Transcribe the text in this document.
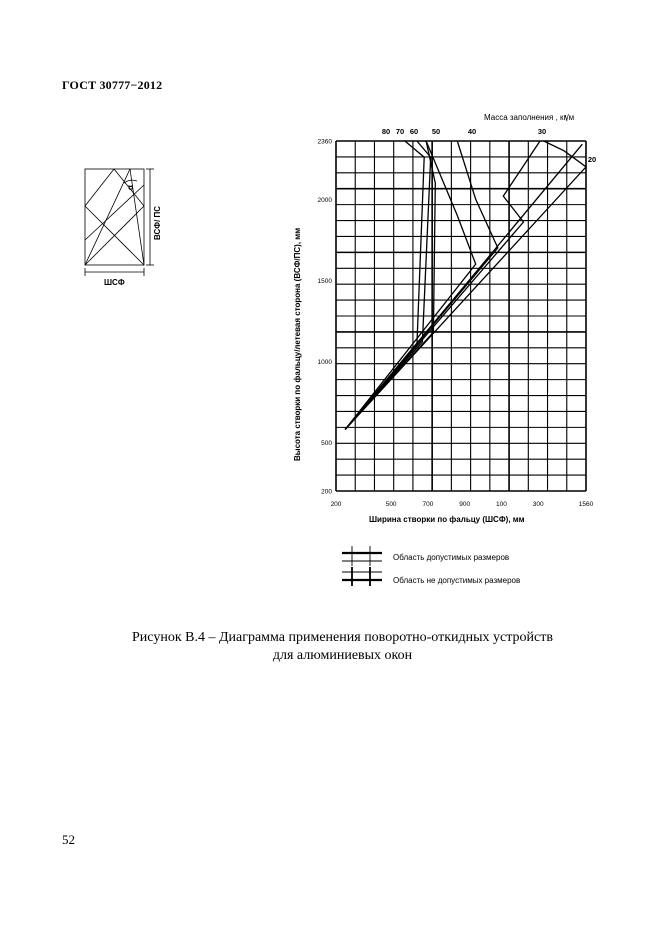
ГОСТ 30777−2012
ВСФ/ ПС
ШСФ
α
200	500	700	900	100	300	1560
200
500
1000
1500
2000
2360
80 70 60 50	40	30
20
Масса заполнения , кг/м
Ширина створки по фальцу (ШСФ), мм
Высота створки по фальцу/летевая сторона (ВСФ/ПС), мм
Область допустимых размеров
Область не допустимых размеров
Рисунок В.4 – Диаграмма применения поворотно-откидных устройств
для алюминиевых окон
52
